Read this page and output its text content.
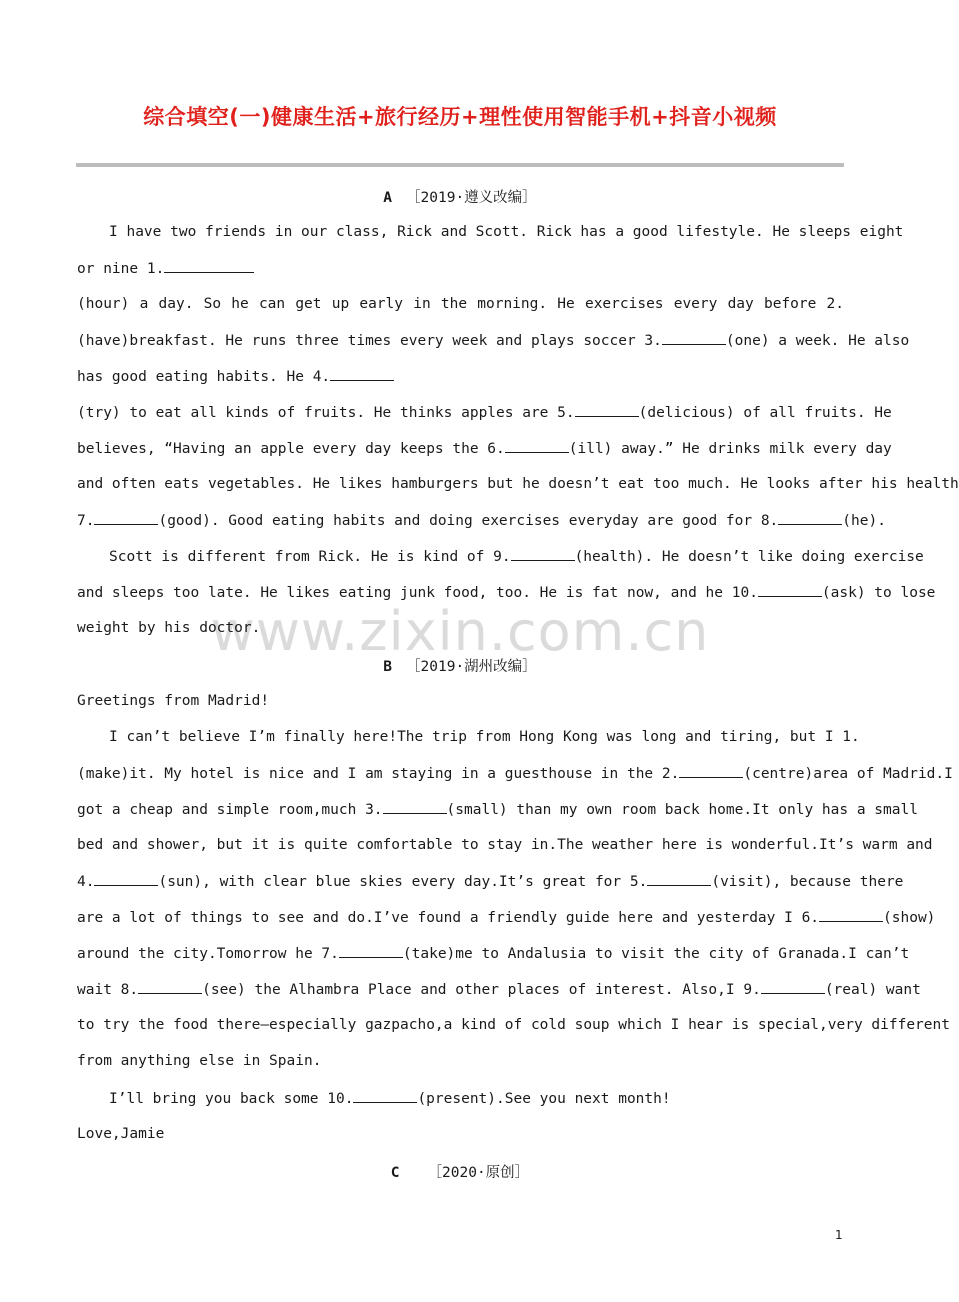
综合填空(一)健康生活+旅行经历+理性使用智能手机+抖音小视频
www.zixin.com.cn
A ［2019·遵义改编］
I have two friends in our class, Rick and Scott. Rick has a good lifestyle. He sleeps eight
or nine 1.
(hour) a day. So he can get up early in the morning. He exercises every day before 2.
(have)breakfast. He runs three times every week and plays soccer 3.	(one) a week. He also
has good eating habits. He 4.
(try) to eat all kinds of fruits. He thinks apples are 5.	(delicious) of all fruits. He
believes, “Having an apple every day keeps the 6.	(ill) away.” He drinks milk every day
and often eats vegetables. He likes hamburgers but he doesn’t eat too much. He looks after his health
7.	(good). Good eating habits and doing exercises everyday are good for 8.	(he).
Scott is different from Rick. He is kind of 9.	(health). He doesn’t like doing exercise
and sleeps too late. He likes eating junk food, too. He is fat now, and he 10.	(ask) to lose
weight by his doctor.
B ［2019·湖州改编］
Greetings from Madrid!
I can’t believe I’m finally here!The trip from Hong Kong was long and tiring, but I 1.
(make)it. My hotel is nice and I am staying in a guesthouse in the 2.	(centre)area of Madrid.I
got a cheap and simple room,much 3.	(small) than my own room back home.It only has a small
bed and shower, but it is quite comfortable to stay in.The weather here is wonderful.It’s warm and
4.	(sun), with clear blue skies every day.It’s great for 5.	(visit), because there
are a lot of things to see and do.I’ve found a friendly guide here and yesterday I 6.	(show)
around the city.Tomorrow he 7.	(take)me to Andalusia to visit the city of Granada.I can’t
wait 8.	(see) the Alhambra Place and other places of interest. Also,I 9.	(real) want
to try the food there—especially gazpacho,a kind of cold soup which I hear is special,very different
from anything else in Spain.
I’ll bring you back some 10.	(present).See you next month!
Love,Jamie
C ［2020·原创］
1
